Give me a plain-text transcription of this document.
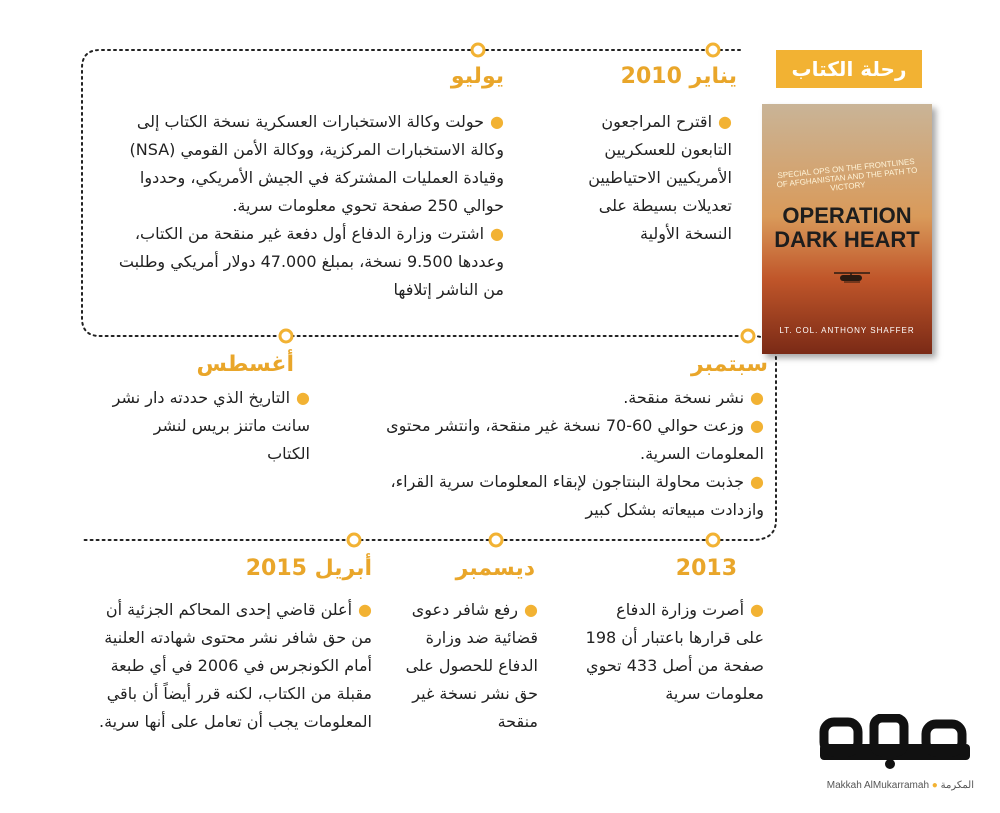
رحلة الكتاب
SPECIAL OPS ON THE FRONTLINES OF AFGHANISTAN AND THE PATH TO VICTORY
OPERATION
DARK HEART
LT. COL. ANTHONY SHAFFER
يناير 2010
●اقترح المراجعون التابعون للعسكريين الأمريكيين الاحتياطيين تعديلات بسيطة على النسخة الأولية
يوليو
●حولت وكالة الاستخبارات العسكرية نسخة الكتاب إلى وكالة الاستخبارات المركزية، ووكالة الأمن القومي (NSA) وقيادة العمليات المشتركة في الجيش الأمريكي، وحددوا حوالي 250 صفحة تحوي معلومات سرية.
●اشترت وزارة الدفاع أول دفعة غير منقحة من الكتاب، وعددها 9.500 نسخة، بمبلغ 47.000 دولار أمريكي وطلبت من الناشر إتلافها
سبتمبر
●نشر نسخة منقحة.
●وزعت حوالي 60-70 نسخة غير منقحة، وانتشر محتوى المعلومات السرية.
●جذبت محاولة البنتاجون لإبقاء المعلومات سرية القراء، وازدادت مبيعاته بشكل كبير
أغسطس
●التاريخ الذي حددته دار نشر سانت ماتنز بريس لنشر الكتاب
2013
●أصرت وزارة الدفاع على قرارها باعتبار أن 198 صفحة من أصل 433 تحوي معلومات سرية
ديسمبر
●رفع شافر دعوى قضائية ضد وزارة الدفاع للحصول على حق نشر نسخة غير منقحة
أبريل 2015
●أعلن قاضي إحدى المحاكم الجزئية أن من حق شافر نشر محتوى شهادته العلنية أمام الكونجرس في 2006 في أي طبعة مقبلة من الكتاب، لكنه قرر أيضاً أن باقي المعلومات يجب أن تعامل على أنها سرية.
Makkah AlMukarramah ● المكرمة
